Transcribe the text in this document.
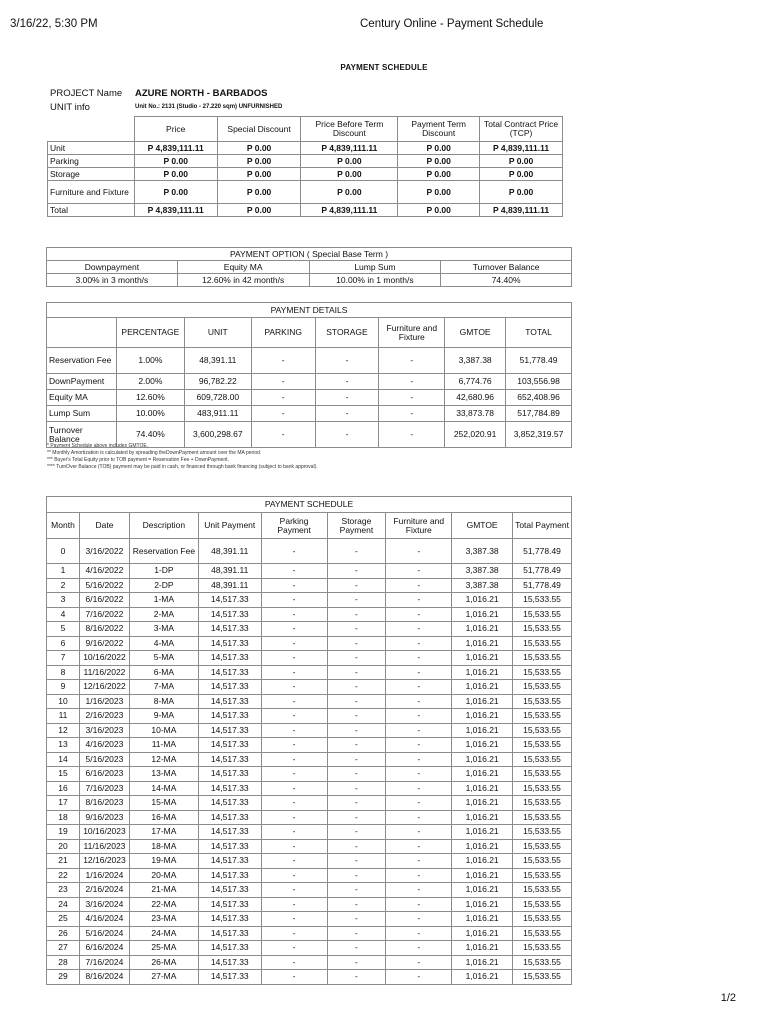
3/16/22, 5:30 PM	Century Online - Payment Schedule
PAYMENT SCHEDULE
PROJECT Name	AZURE NORTH - BARBADOS
UNIT info	Unit No.: 2131 (Studio - 27.220 sqm) UNFURNISHED
	Price	Special Discount	Price Before Term Discount	Payment Term Discount	Total Contract Price (TCP)
Unit	P 4,839,111.11	P 0.00	P 4,839,111.11	P 0.00	P 4,839,111.11
Parking	P 0.00	P 0.00	P 0.00	P 0.00	P 0.00
Storage	P 0.00	P 0.00	P 0.00	P 0.00	P 0.00
Furniture and Fixture	P 0.00	P 0.00	P 0.00	P 0.00	P 0.00
Total	P 4,839,111.11	P 0.00	P 4,839,111.11	P 0.00	P 4,839,111.11
PAYMENT OPTION ( Special Base Term )			
Downpayment	Equity MA	Lump Sum	Turnover Balance
3.00% in 3 month/s	12.60% in 42 month/s	10.00% in 1 month/s	74.40%
PAYMENT DETAILS							
	PERCENTAGE	UNIT	PARKING	STORAGE	Furniture and Fixture	GMTOE	TOTAL
Reservation Fee	1.00%	48,391.11	-	-	-	3,387.38	51,778.49
DownPayment	2.00%	96,782.22	-	-	-	6,774.76	103,556.98
Equity MA	12.60%	609,728.00	-	-	-	42,680.96	652,408.96
Lump Sum	10.00%	483,911.11	-	-	-	33,873.78	517,784.89
Turnover Balance	74.40%	3,600,298.67	-	-	-	252,020.91	3,852,319.57
* Payment Schedule above includes GMTOE.
** Monthly Amortization is calculated by spreading theDownPayment amount over the MA period.
*** Buyer's Total Equity prior to TOB payment = Reservation Fee + DownPayment.
**** TurnOver Balance (TOB) payment may be paid in cash, or financed through bank financing (subject to bank approval).
PAYMENT SCHEDULE								
Month	Date	Description	Unit Payment	Parking Payment	Storage Payment	Furniture and Fixture	GMTOE	Total Payment
0	3/16/2022	Reservation Fee	48,391.11	-	-	-	3,387.38	51,778.49
1	4/16/2022	1-DP	48,391.11	-	-	-	3,387.38	51,778.49
2	5/16/2022	2-DP	48,391.11	-	-	-	3,387.38	51,778.49
3	6/16/2022	1-MA	14,517.33	-	-	-	1,016.21	15,533.55
4	7/16/2022	2-MA	14,517.33	-	-	-	1,016.21	15,533.55
5	8/16/2022	3-MA	14,517.33	-	-	-	1,016.21	15,533.55
6	9/16/2022	4-MA	14,517.33	-	-	-	1,016.21	15,533.55
7	10/16/2022	5-MA	14,517.33	-	-	-	1,016.21	15,533.55
8	11/16/2022	6-MA	14,517.33	-	-	-	1,016.21	15,533.55
9	12/16/2022	7-MA	14,517.33	-	-	-	1,016.21	15,533.55
10	1/16/2023	8-MA	14,517.33	-	-	-	1,016.21	15,533.55
11	2/16/2023	9-MA	14,517.33	-	-	-	1,016.21	15,533.55
12	3/16/2023	10-MA	14,517.33	-	-	-	1,016.21	15,533.55
13	4/16/2023	11-MA	14,517.33	-	-	-	1,016.21	15,533.55
14	5/16/2023	12-MA	14,517.33	-	-	-	1,016.21	15,533.55
15	6/16/2023	13-MA	14,517.33	-	-	-	1,016.21	15,533.55
16	7/16/2023	14-MA	14,517.33	-	-	-	1,016.21	15,533.55
17	8/16/2023	15-MA	14,517.33	-	-	-	1,016.21	15,533.55
18	9/16/2023	16-MA	14,517.33	-	-	-	1,016.21	15,533.55
19	10/16/2023	17-MA	14,517.33	-	-	-	1,016.21	15,533.55
20	11/16/2023	18-MA	14,517.33	-	-	-	1,016.21	15,533.55
21	12/16/2023	19-MA	14,517.33	-	-	-	1,016.21	15,533.55
22	1/16/2024	20-MA	14,517.33	-	-	-	1,016.21	15,533.55
23	2/16/2024	21-MA	14,517.33	-	-	-	1,016.21	15,533.55
24	3/16/2024	22-MA	14,517.33	-	-	-	1,016.21	15,533.55
25	4/16/2024	23-MA	14,517.33	-	-	-	1,016.21	15,533.55
26	5/16/2024	24-MA	14,517.33	-	-	-	1,016.21	15,533.55
27	6/16/2024	25-MA	14,517.33	-	-	-	1,016.21	15,533.55
28	7/16/2024	26-MA	14,517.33	-	-	-	1,016.21	15,533.55
29	8/16/2024	27-MA	14,517.33	-	-	-	1,016.21	15,533.55
1/2
